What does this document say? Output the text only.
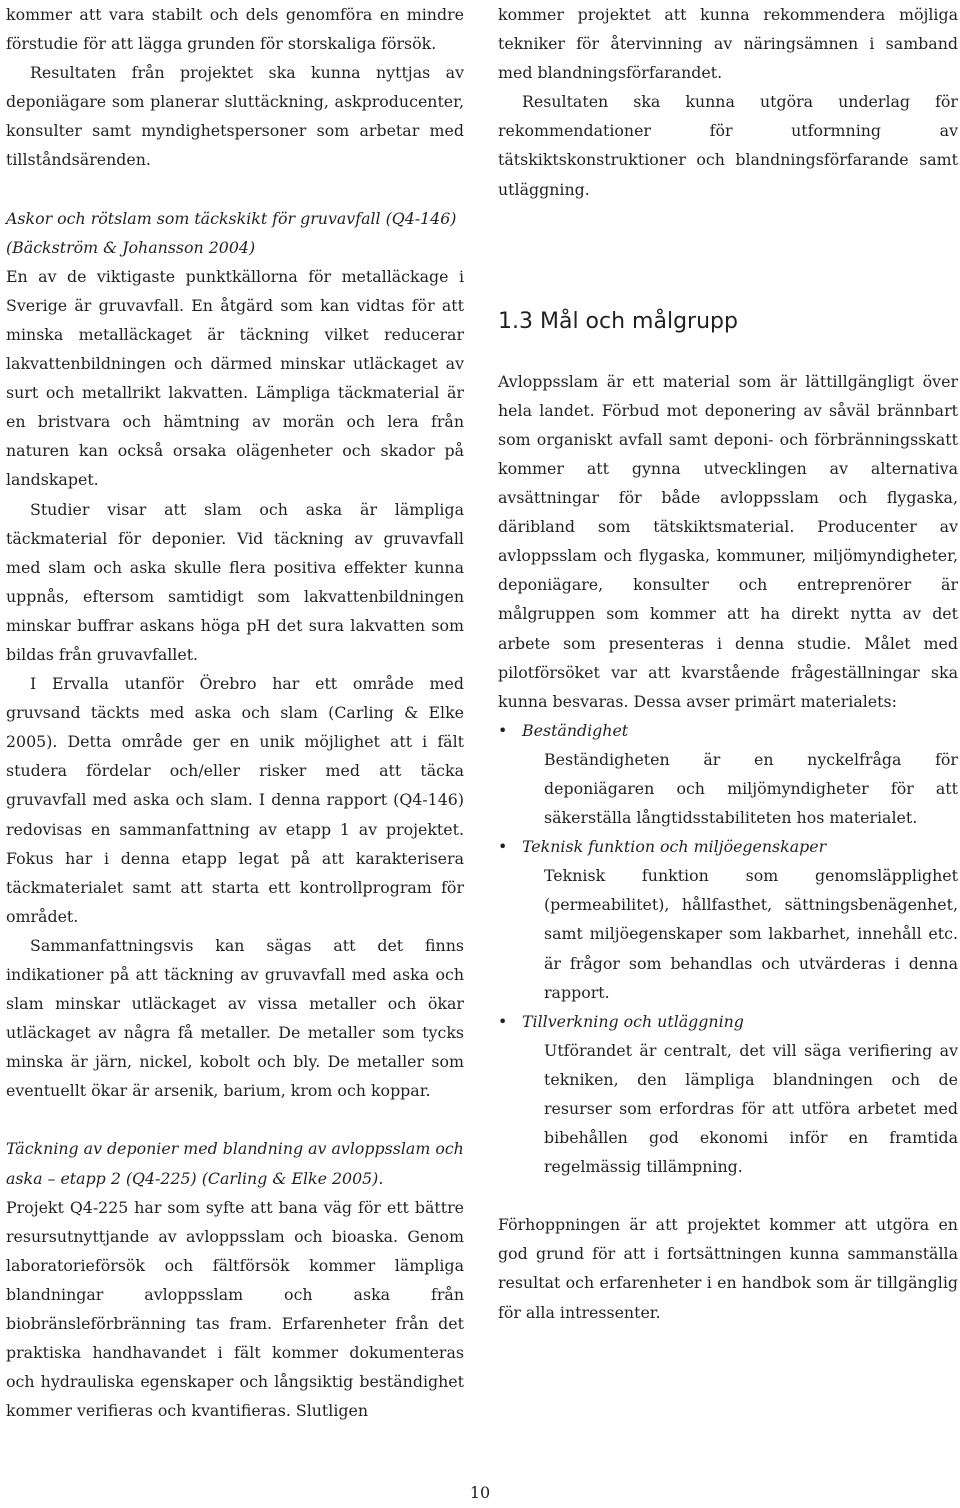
kommer att vara stabilt och dels genomföra en mindre förstudie för att lägga grunden för storskaliga försök.

Resultaten från projektet ska kunna nyttjas av deponiägare som planerar sluttäckning, askproducenter, konsulter samt myndighetspersoner som arbetar med tillståndsärenden.

Askor och rötslam som täckskikt för gruvavfall (Q4-146) (Bäckström & Johansson 2004)

En av de viktigaste punktkällorna för metalläckage i Sverige är gruvavfall. En åtgärd som kan vidtas för att minska metalläckaget är täckning vilket reducerar lakvattenbildningen och därmed minskar utläckaget av surt och metallrikt lakvatten. Lämpliga täckmaterial är en bristvara och hämtning av morän och lera från naturen kan också orsaka olägenheter och skador på landskapet.

Studier visar att slam och aska är lämpliga täckmaterial för deponier. Vid täckning av gruvavfall med slam och aska skulle flera positiva effekter kunna uppnås, eftersom samtidigt som lakvattenbildningen minskar buffrar askans höga pH det sura lakvatten som bildas från gruvavfallet.

I Ervalla utanför Örebro har ett område med gruvsand täckts med aska och slam (Carling & Elke 2005). Detta område ger en unik möjlighet att i fält studera fördelar och/eller risker med att täcka gruvavfall med aska och slam. I denna rapport (Q4-146) redovisas en sammanfattning av etapp 1 av projektet. Fokus har i denna etapp legat på att karakterisera täckmaterialet samt att starta ett kontrollprogram för området.

Sammanfattningsvis kan sägas att det finns indikationer på att täckning av gruvavfall med aska och slam minskar utläckaget av vissa metaller och ökar utläckaget av några få metaller. De metaller som tycks minska är järn, nickel, kobolt och bly. De metaller som eventuellt ökar är arsenik, barium, krom och koppar.

Täckning av deponier med blandning av avloppsslam och aska – etapp 2 (Q4-225) (Carling & Elke 2005).

Projekt Q4-225 har som syfte att bana väg för ett bättre resursutnyttjande av avloppsslam och bioaska. Genom laboratorieförsök och fältförsök kommer lämpliga blandningar avloppsslam och aska från biobränsleförbränning tas fram. Erfarenheter från det praktiska handhavandet i fält kommer dokumenteras och hydrauliska egenskaper och långsiktig beständighet kommer verifieras och kvantifieras. Slutligen

kommer projektet att kunna rekommendera möjliga tekniker för återvinning av näringsämnen i samband med blandningsförfarandet.

Resultaten ska kunna utgöra underlag för rekommendationer för utformning av tätskiktskonstruktioner och blandningsförfarande samt utläggning.

1.3 Mål och målgrupp

Avloppsslam är ett material som är lättillgängligt över hela landet. Förbud mot deponering av såväl brännbart som organiskt avfall samt deponi- och förbränningsskatt kommer att gynna utvecklingen av alternativa avsättningar för både avloppsslam och flygaska, däribland som tätskiktsmaterial. Producenter av avloppsslam och flygaska, kommuner, miljömyndigheter, deponiägare, konsulter och entreprenörer är målgruppen som kommer att ha direkt nytta av det arbete som presenteras i denna studie. Målet med pilotförsöket var att kvarstående frågeställningar ska kunna besvaras. Dessa avser primärt materialets:

• Beständighet

Beständigheten är en nyckelfråga för deponiägaren och miljömyndigheter för att säkerställa långtidsstabiliteten hos materialet.

• Teknisk funktion och miljöegenskaper

Teknisk funktion som genomsläpplighet (permeabilitet), hållfasthet, sättningsbenägenhet, samt miljöegenskaper som lakbarhet, innehåll etc. är frågor som behandlas och utvärderas i denna rapport.

• Tillverkning och utläggning

Utförandet är centralt, det vill säga verifiering av tekniken, den lämpliga blandningen och de resurser som erfordras för att utföra arbetet med bibehållen god ekonomi inför en framtida regelmässig tillämpning.

Förhoppningen är att projektet kommer att utgöra en god grund för att i fortsättningen kunna sammanställa resultat och erfarenheter i en handbok som är tillgänglig för alla intressenter.

10
